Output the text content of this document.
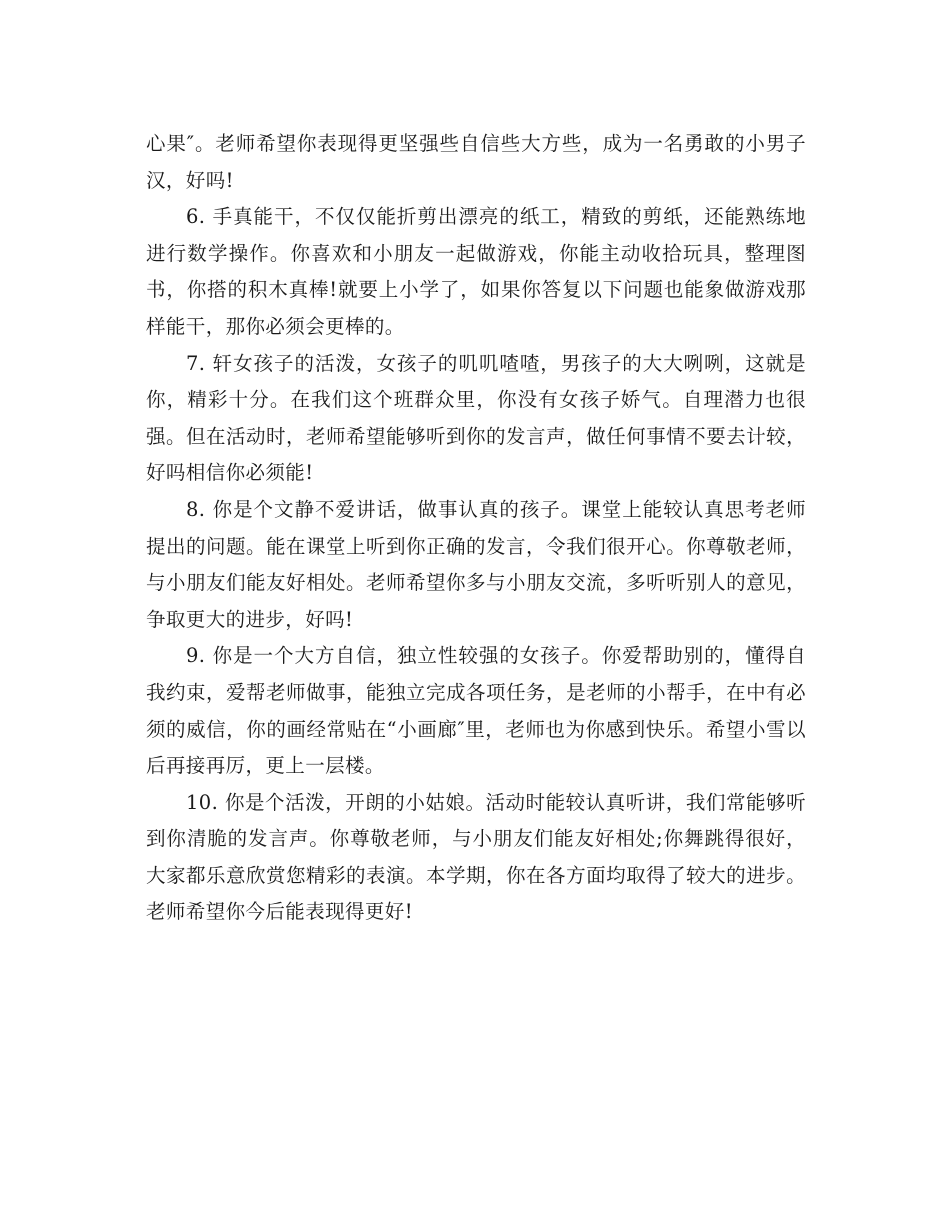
心果″。老师希望你表现得更坚强些自信些大方些，成为一名勇敢的小男子汉，好吗!

6. 手真能干，不仅仅能折剪出漂亮的纸工，精致的剪纸，还能熟练地进行数学操作。你喜欢和小朋友一起做游戏，你能主动收拾玩具，整理图书，你搭的积木真棒!就要上小学了，如果你答复以下问题也能象做游戏那样能干，那你必须会更棒的。

7. 轩女孩子的活泼，女孩子的叽叽喳喳，男孩子的大大咧咧，这就是你，精彩十分。在我们这个班群众里，你没有女孩子娇气。自理潜力也很强。但在活动时，老师希望能够听到你的发言声，做任何事情不要去计较，好吗相信你必须能!

8. 你是个文静不爱讲话，做事认真的孩子。课堂上能较认真思考老师提出的问题。能在课堂上听到你正确的发言，令我们很开心。你尊敬老师，与小朋友们能友好相处。老师希望你多与小朋友交流，多听听别人的意见，争取更大的进步，好吗!

9. 你是一个大方自信，独立性较强的女孩子。你爱帮助别的，懂得自我约束，爱帮老师做事，能独立完成各项任务，是老师的小帮手，在中有必须的威信，你的画经常贴在“小画廊″里，老师也为你感到快乐。希望小雪以后再接再厉，更上一层楼。

10. 你是个活泼，开朗的小姑娘。活动时能较认真听讲，我们常能够听到你清脆的发言声。你尊敬老师，与小朋友们能友好相处;你舞跳得很好，大家都乐意欣赏您精彩的表演。本学期，你在各方面均取得了较大的进步。老师希望你今后能表现得更好!
